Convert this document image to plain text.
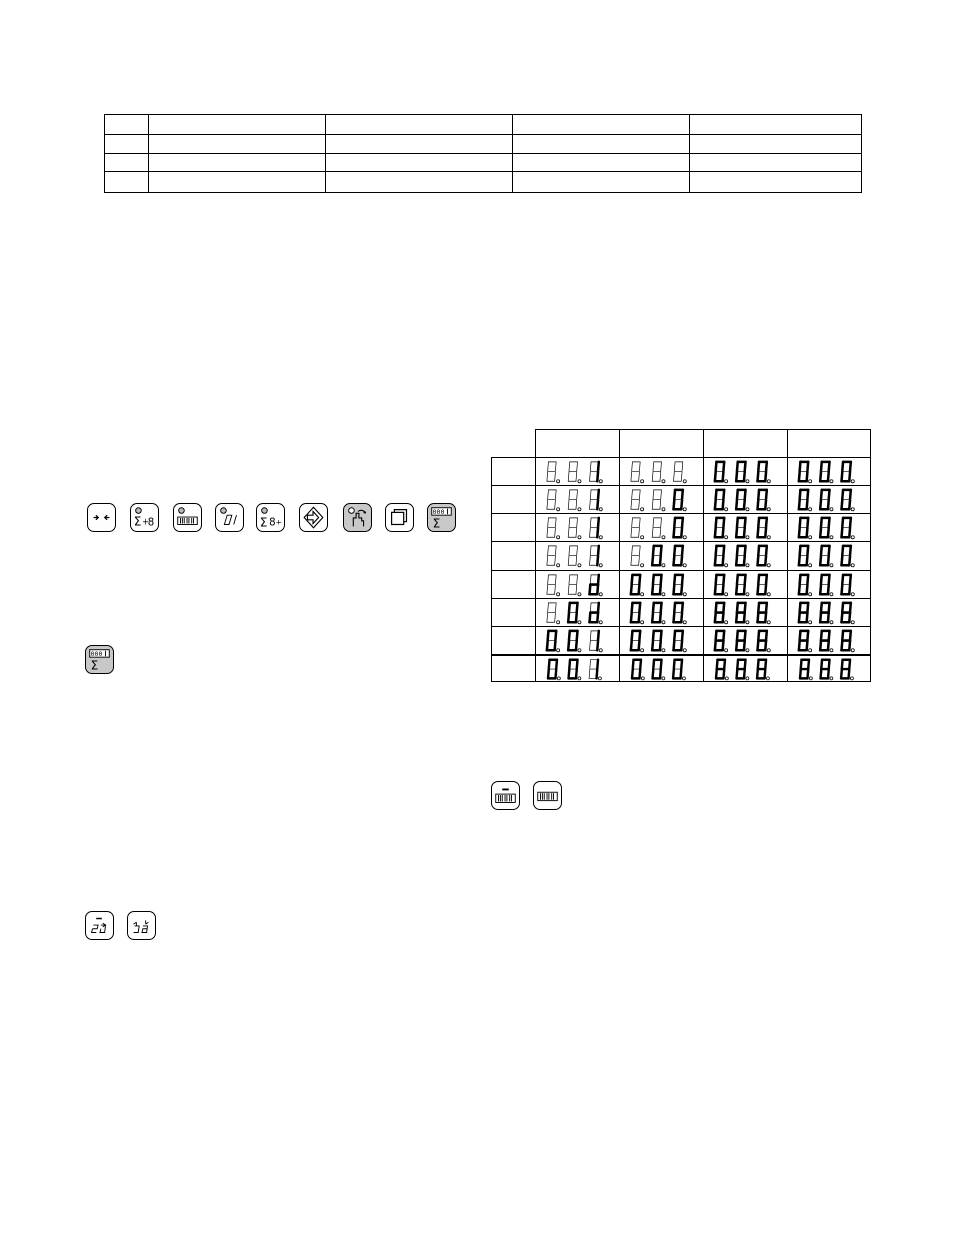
Σ +
8	Σ 8 +
000
Σ
000
Σ
